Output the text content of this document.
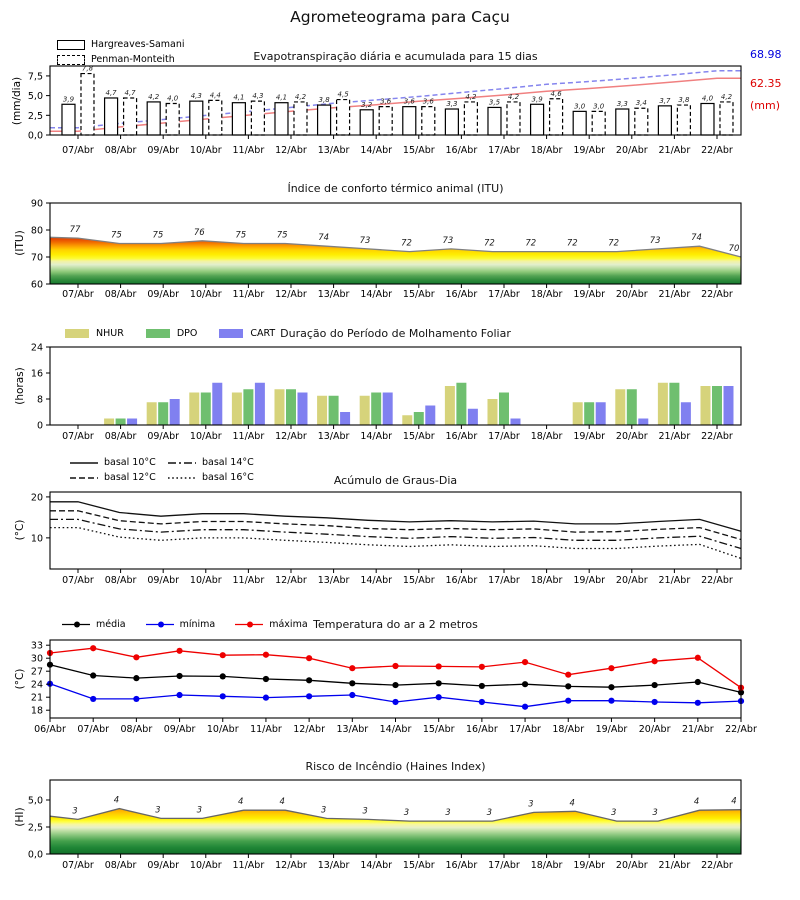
3,9
4,7	4,2	4,3	4,1	4,1	3,8
3,2	3,6	3,3	3,5	3,9
3,0	3,3	3,7	4,0
7,8
4,7
4,0	4,4	4,3	4,2	4,5
3,6	3,6
4,2	4,2	4,6
3,0	3,4	3,8	4,2
0,0
2,5
5,0
7,5
07/Abr 08/Abr 09/Abr 10/Abr 11/Abr 12/Abr 13/Abr 14/Abr 15/Abr 16/Abr 17/Abr 18/Abr 19/Abr 20/Abr 21/Abr 22/Abr
77
75	75	76	75	75	74	73	72	73	72	72	72	72	73	74
70
60
70
80
90
07/Abr 08/Abr 09/Abr 10/Abr 11/Abr 12/Abr 13/Abr 14/Abr 15/Abr 16/Abr 17/Abr 18/Abr 19/Abr 20/Abr 21/Abr 22/Abr
0
8
16
24
07/Abr 08/Abr 09/Abr 10/Abr 11/Abr 12/Abr 13/Abr 14/Abr 15/Abr 16/Abr 17/Abr 18/Abr 19/Abr 20/Abr 21/Abr 22/Abr
10
20
07/Abr 08/Abr 09/Abr 10/Abr 11/Abr 12/Abr 13/Abr 14/Abr 15/Abr 16/Abr 17/Abr 18/Abr 19/Abr 20/Abr 21/Abr 22/Abr
18
21
24
27
30
33
06/Abr 07/Abr 08/Abr 09/Abr 10/Abr 11/Abr 12/Abr 13/Abr 14/Abr 15/Abr 16/Abr 17/Abr 18/Abr 19/Abr 20/Abr 21/Abr 22/Abr
3
4
3	3
4	4
3	3	3	3	3
3	4
3	3
4	4
0,0
2,5
5,0
07/Abr 08/Abr 09/Abr 10/Abr 11/Abr 12/Abr 13/Abr 14/Abr 15/Abr 16/Abr 17/Abr 18/Abr 19/Abr 20/Abr 21/Abr 22/Abr
Agrometeograma para Caçu
Hargreaves-Samani
Penman-Monteith	Evapotranspiração diária e acumulada para 15 dias
(mm/dia)
68.98
62.35
(mm)
Índice de conforto térmico animal (ITU)
(ITU)
NHUR	DPO	CART Duração do Período de Molhamento Foliar
(horas)
basal 10°C
basal 12°C
basal 14°C
basal 16°C	Acúmulo de Graus-Dia
(°C)
média	mínima	máxima Temperatura do ar a 2 metros
(°C)
Risco de Incêndio (Haines Index)
(HI)
